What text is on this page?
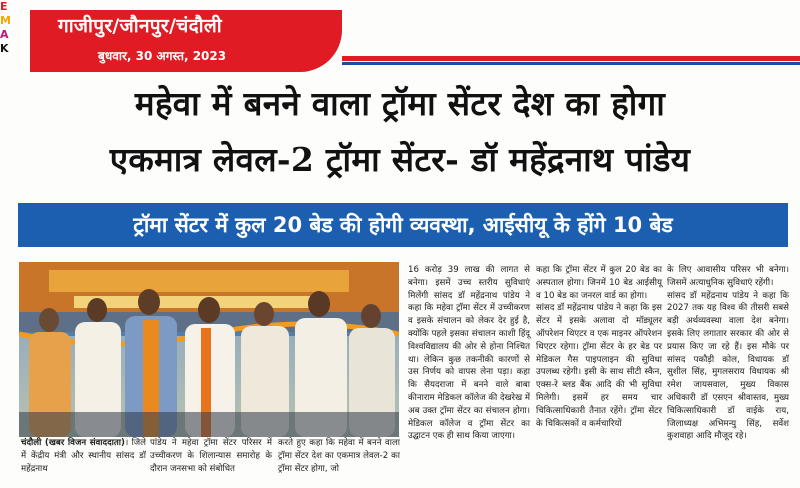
E
M
A
K
गाजीपुर/जौनपुर/चंदौली
बुधवार, 30 अगस्त, 2023
महेवा में बनने वाला ट्रॉमा सेंटर देश का होगा
एकमात्र लेवल-2 ट्रॉमा सेंटर- डॉ महेंद्रनाथ पांडेय
ट्रॉमा सेंटर में कुल 20 बेड की होगी व्यवस्था, आईसीयू के होंगे 10 बेड
चंदौली (खबर विजन संवाददाता)। जिले में केंद्रीय मंत्री और स्थानीय सांसद डॉ महेंद्रनाथ
पांडेय ने महेवा ट्रॉमा सेंटर परिसर में उच्चीकरण के शिलान्यास समारोह के दौरान जनसभा को संबोधित
करते हुए कहा कि महेवा में बनने वाला ट्रॉमा सेंटर देश का एकमात्र लेवल-2 का ट्रॉमा सेंटर होगा, जो
16 करोड़ 39 लाख की लागत से बनेगा। इसमें उच्च स्तरीय सुविधाएं मिलेंगी सांसद डॉ महेंद्रनाथ पांडेय ने कहा कि महेवा ट्रॉमा सेंटर में उच्चीकरण व इसके संचालन को लेकर देर हुई है, क्योंकि पहले इसका संचालन काशी हिंदू विश्वविद्यालय की ओर से होना निश्चित था। लेकिन कुछ तकनीकी कारणों से उस निर्णय को वापस लेना पड़ा। कहा कि सैयदराजा में बनने वाले बाबा कीनाराम मेडिकल कॉलेज की देखरेख में अब उक्त ट्रॉमा सेंटर का संचालन होगा। मेडिकल कॉलेज व ट्रॉमा सेंटर का उद्घाटन एक ही साथ किया जाएगा।
कहा कि ट्रॉमा सेंटर में कुल 20 बेड का अस्पताल होगा। जिनमें 10 बेड आईसीयू व 10 बेड का जनरल वार्ड का होगा।
सांसद डॉ महेंद्रनाथ पांडेय ने कहा कि इस सेंटर में इसके अलावा दो मॉड्यूलर ऑपरेशन थिएटर व एक माइनर ऑपरेशन थिएटर रहेगा। ट्रॉमा सेंटर के हर बेड पर मेडिकल गैस पाइपलाइन की सुविधा उपलब्ध रहेगी। इसी के साथ सीटी स्कैन, एक्स-रे ब्लड बैंक आदि की भी सुविधा मिलेगी। इसमें हर समय चार चिकित्साधिकारी तैनात रहेंगे। ट्रॉमा सेंटर के चिकित्सकों व कर्मचारियों
के लिए आवासीय परिसर भी बनेगा। जिसमें अत्याधुनिक सुविधाएं रहेंगी।
सांसद डॉ महेंद्रनाथ पांडेय ने कहा कि 2027 तक यह विश्व की तीसरी सबसे बड़ी अर्थव्यवस्था वाला देश बनेगा। इसके लिए लगातार सरकार की ओर से प्रयास किए जा रहे हैं। इस मौके पर सांसद पकौड़ी कोल, विधायक डॉ सुशील सिंह, मुगलसराय विधायक श्री रमेश जायसवाल, मुख्य विकास अधिकारी डॉ एसएन श्रीवास्तव, मुख्य चिकित्साधिकारी डॉ वाईके राय, जिलाध्यक्ष अभिमन्यु सिंह, सर्वेश कुशवाहा आदि मौजूद रहे।
